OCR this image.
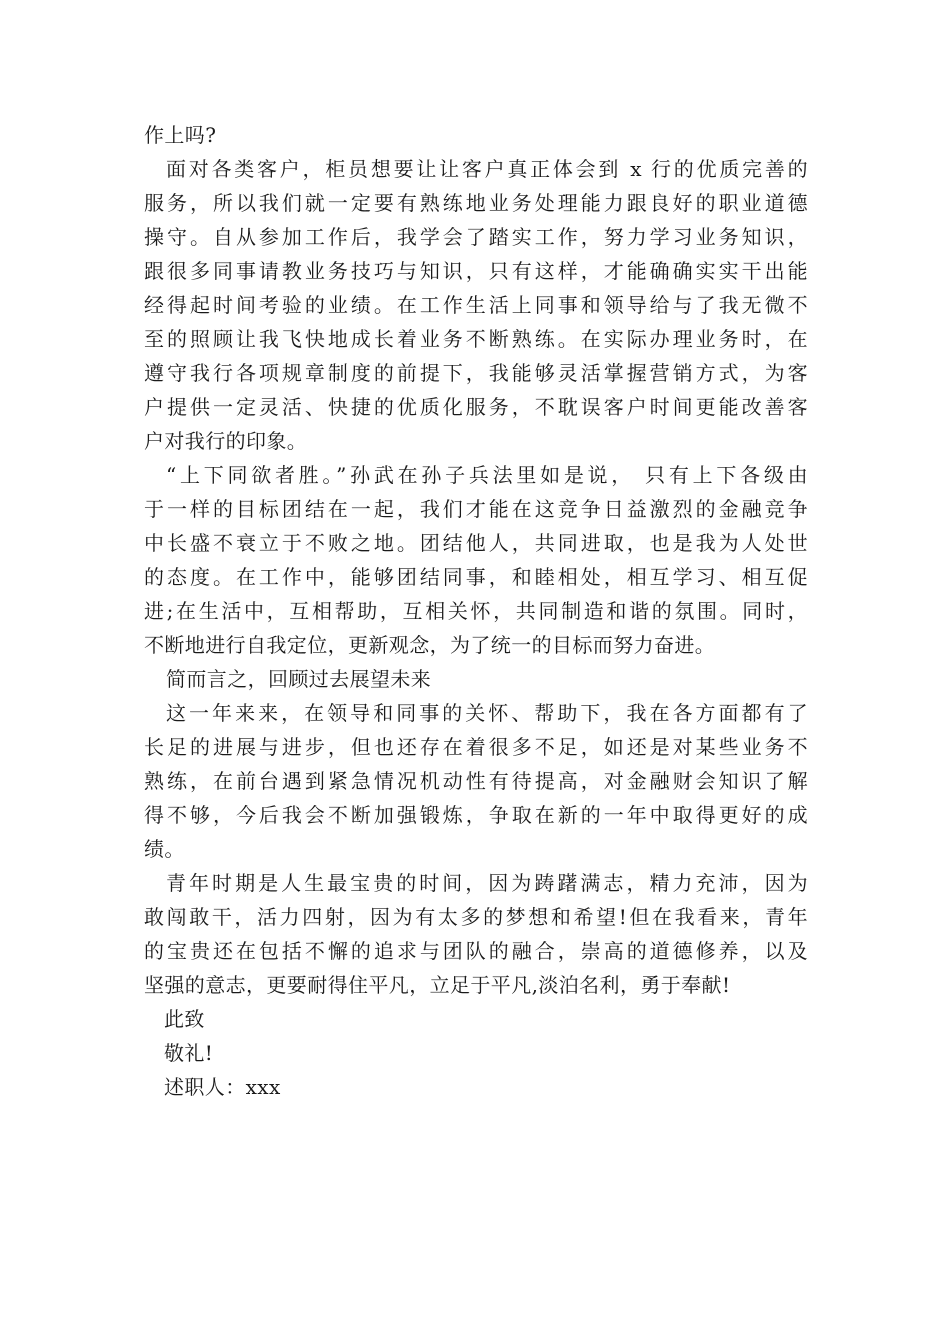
作上吗?
面对各类客户，柜员想要让让客户真正体会到 x 行的优质完善的
服务，所以我们就一定要有熟练地业务处理能力跟良好的职业道德
操守。自从参加工作后，我学会了踏实工作，努力学习业务知识，
跟很多同事请教业务技巧与知识，只有这样，才能确确实实干出能
经得起时间考验的业绩。在工作生活上同事和领导给与了我无微不
至的照顾让我飞快地成长着业务不断熟练。在实际办理业务时，在
遵守我行各项规章制度的前提下，我能够灵活掌握营销方式，为客
户提供一定灵活、快捷的优质化服务，不耽误客户时间更能改善客
户对我行的印象。
“上下同欲者胜。”孙武在孙子兵法里如是说， 只有上下各级由
于一样的目标团结在一起，我们才能在这竞争日益激烈的金融竞争
中长盛不衰立于不败之地。团结他人，共同进取，也是我为人处世
的态度。在工作中，能够团结同事，和睦相处，相互学习、相互促
进;在生活中，互相帮助，互相关怀，共同制造和谐的氛围。同时，
不断地进行自我定位，更新观念，为了统一的目标而努力奋进。
简而言之，回顾过去展望未来
这一年来来，在领导和同事的关怀、帮助下，我在各方面都有了
长足的进展与进步，但也还存在着很多不足，如还是对某些业务不
熟练，在前台遇到紧急情况机动性有待提高，对金融财会知识了解
得不够，今后我会不断加强锻炼，争取在新的一年中取得更好的成
绩。
青年时期是人生最宝贵的时间，因为踌躇满志，精力充沛，因为
敢闯敢干，活力四射，因为有太多的梦想和希望!但在我看来，青年
的宝贵还在包括不懈的追求与团队的融合，崇高的道德修养，以及
坚强的意志，更要耐得住平凡，立足于平凡,淡泊名利，勇于奉献!
此致
敬礼!
述职人：xxx
